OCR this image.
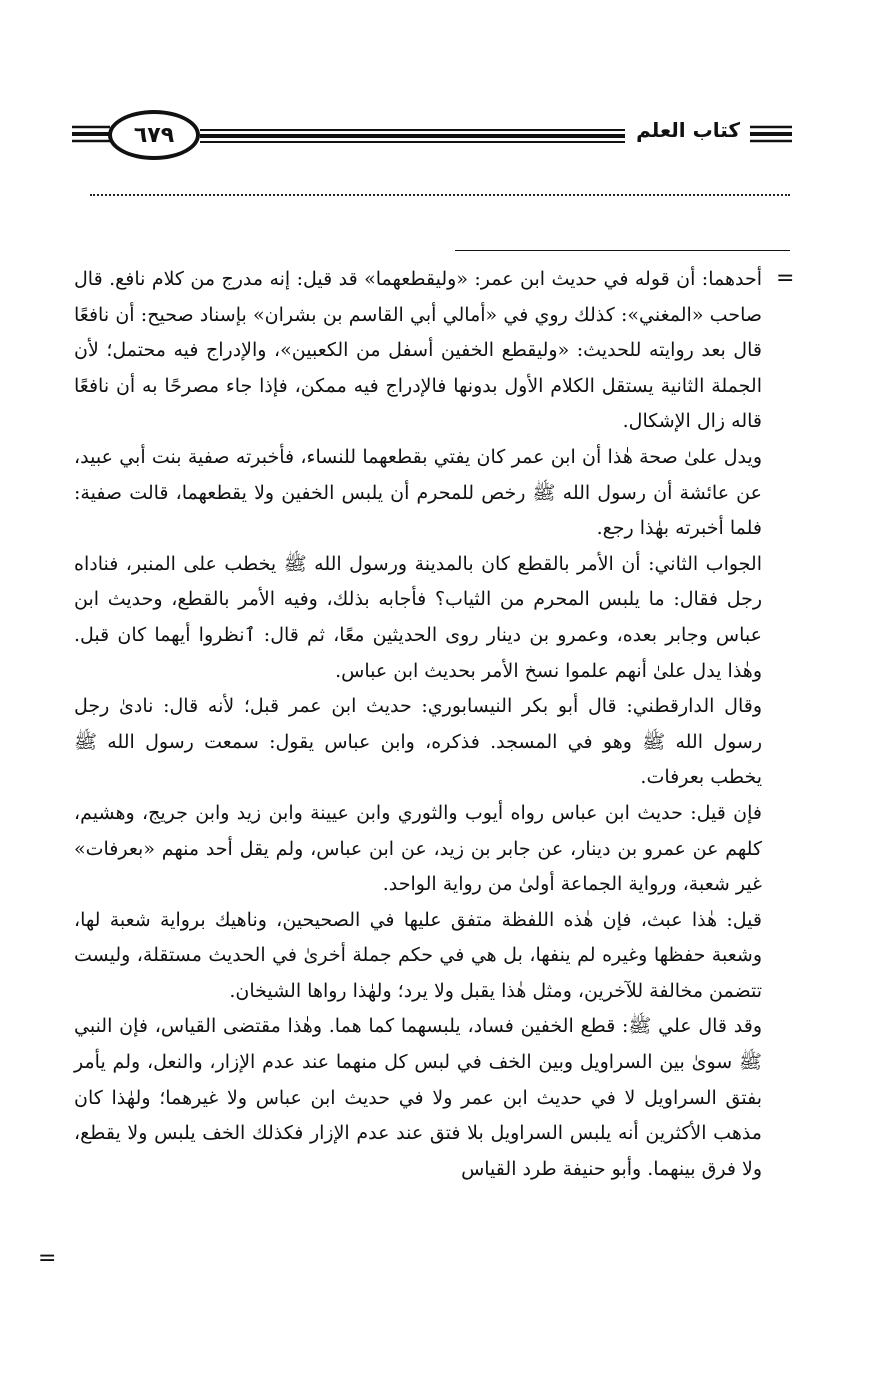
كتاب العلم
٦٧٩
=
=

أحدهما: أن قوله في حديث ابن عمر: «وليقطعهما» قد قيل: إنه مدرج من كلام نافع. قال صاحب «المغني»: كذلك روي في «أمالي أبي القاسم بن بشران» بإسناد صحيح: أن نافعًا قال بعد روايته للحديث: «وليقطع الخفين أسفل من الكعبين»، والإدراج فيه محتمل؛ لأن الجملة الثانية يستقل الكلام الأول بدونها فالإدراج فيه ممكن، فإذا جاء مصرحًا به أن نافعًا قاله زال الإشكال.

ويدل علىٰ صحة هٰذا أن ابن عمر كان يفتي بقطعهما للنساء، فأخبرته صفية بنت أبي عبيد، عن عائشة أن رسول الله ﷺ رخص للمحرم أن يلبس الخفين ولا يقطعهما، قالت صفية: فلما أخبرته بهٰذا رجع.

الجواب الثاني: أن الأمر بالقطع كان بالمدينة ورسول الله ﷺ يخطب على المنبر، فناداه رجل فقال: ما يلبس المحرم من الثياب؟ فأجابه بذلك، وفيه الأمر بالقطع، وحديث ابن عباس وجابر بعده، وعمرو بن دينار روى الحديثين معًا، ثم قال: ٱنظروا أيهما كان قبل. وهٰذا يدل علىٰ أنهم علموا نسخ الأمر بحديث ابن عباس.

وقال الدارقطني: قال أبو بكر النيسابوري: حديث ابن عمر قبل؛ لأنه قال: نادىٰ رجل رسول الله ﷺ وهو في المسجد. فذكره، وابن عباس يقول: سمعت رسول الله ﷺ يخطب بعرفات.

فإن قيل: حديث ابن عباس رواه أيوب والثوري وابن عيينة وابن زيد وابن جريج، وهشيم، كلهم عن عمرو بن دينار، عن جابر بن زيد، عن ابن عباس، ولم يقل أحد منهم «بعرفات» غير شعبة، ورواية الجماعة أولىٰ من رواية الواحد.

قيل: هٰذا عبث، فإن هٰذه اللفظة متفق عليها في الصحيحين، وناهيك برواية شعبة لها، وشعبة حفظها وغيره لم ينفها، بل هي في حكم جملة أخرىٰ في الحديث مستقلة، وليست تتضمن مخالفة للآخرين، ومثل هٰذا يقبل ولا يرد؛ ولهٰذا رواها الشيخان.

وقد قال علي ﷺ: قطع الخفين فساد، يلبسهما كما هما. وهٰذا مقتضى القياس، فإن النبي ﷺ سوىٰ بين السراويل وبين الخف في لبس كل منهما عند عدم الإزار، والنعل، ولم يأمر بفتق السراويل لا في حديث ابن عمر ولا في حديث ابن عباس ولا غيرهما؛ ولهٰذا كان مذهب الأكثرين أنه يلبس السراويل بلا فتق عند عدم الإزار فكذلك الخف يلبس ولا يقطع، ولا فرق بينهما. وأبو حنيفة طرد القياس
